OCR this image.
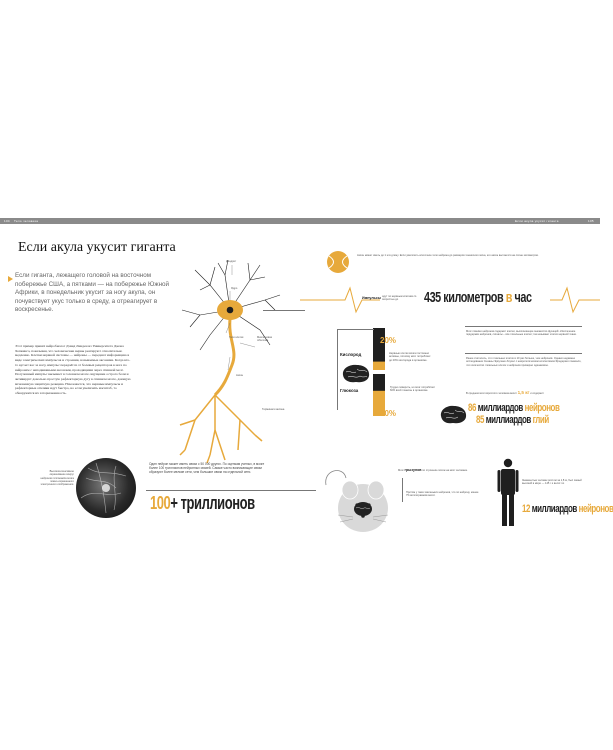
104 Тело человека	Если акула укусит гиганта	105
Если акула укусит гиганта
Если гиганта, лежащего головой на восточном побережье США, а пятками — на побережье Южной Африки, в понедельник укусит за ногу акула, он почувствует укус только в среду, а отреагирует в воскресенье.
Этот пример привёл нейробиолог Дэвид Линден из Университета Джона Хопкинса, показывая, что человеческие нервы реагируют относительно медленно. Клетки нервной системы — нейроны — передают информацию в виде электрических импульсов и строения, называемые аксонами. Когда кто-то кусает вас за ногу, импульс передаётся от болевых рецепторов в ноге по нейронам с неподвижными аксонами, проходящими через спинной мозг. Полученный импульс вызывает в головном мозге ощущение острого боли и активирует довольно простую рефлекторную дугу в спинном мозге, дающую мгновенную защитную реакцию. Нам кажется, что нервные импульсы и рефлекторные отклики идут быстро, но если увеличить масштаб, то обнаружится их заторможенность.
Дендрит
Ядро
Тело клетки	Миелиновая оболочка
Аксон
Терминали аксона
Высокоинтенсивное окрашивание вокруг нейронов гиппокампа мозга ложно-окрашенного электронного изображения.
Один нейрон может иметь связи с 50 000 других. По оценкам ученых, в мозге более 100 триллионов нейронных связей. Самые часто возникающие связи образуют более мелкие сети, чем большие связи на отдельной сети.
100+ триллионов
Аксон может иметь до 1 м в длину. Если увеличить клеточное тело нейрона до размеров теннисного мяча, его аксон вытянется на сотню километров.
Импульсы идут по нервным клеткам со скоростью до	435 километров в час
Кислород
Глюкоза
20%
Нервные клетки мозга постоянно активны, поэтому мозг потребляет до 20% кислорода в организме.
60%
Трудно поверить, но мозг потребляет 60% всей глюкозы в организме.
Мозг помимо нейронов содержит клетки, выполняющие множество функций: обеспечение поддержки нейронов, сигналы – все глиальные клетки; так называют клетки нервной ткани.
Ранее считалось, что глиальных клеток в 10 раз больше, чем нейронов. Однако недавнее исследование Сюзаны Эркулано-Хоузел с неврологическим коллективом Фредерико показало, что количество глиальных клеток и нейронов примерно одинаковое.
В среднем мозг взрослого человека весит 1,5 кг и содержит
86 миллиардов нейронов
85 миллиардов глий
Мозг грызунов по строению похож на мозг человека.
Притом у таких маленьких нейронов, что по нейрону, менее 75 миллиграммов весят.
Знаменитые человек ростом за 1,8 м, был самый высокий в мире — 145 г и весят по
12 миллиардов нейронов
